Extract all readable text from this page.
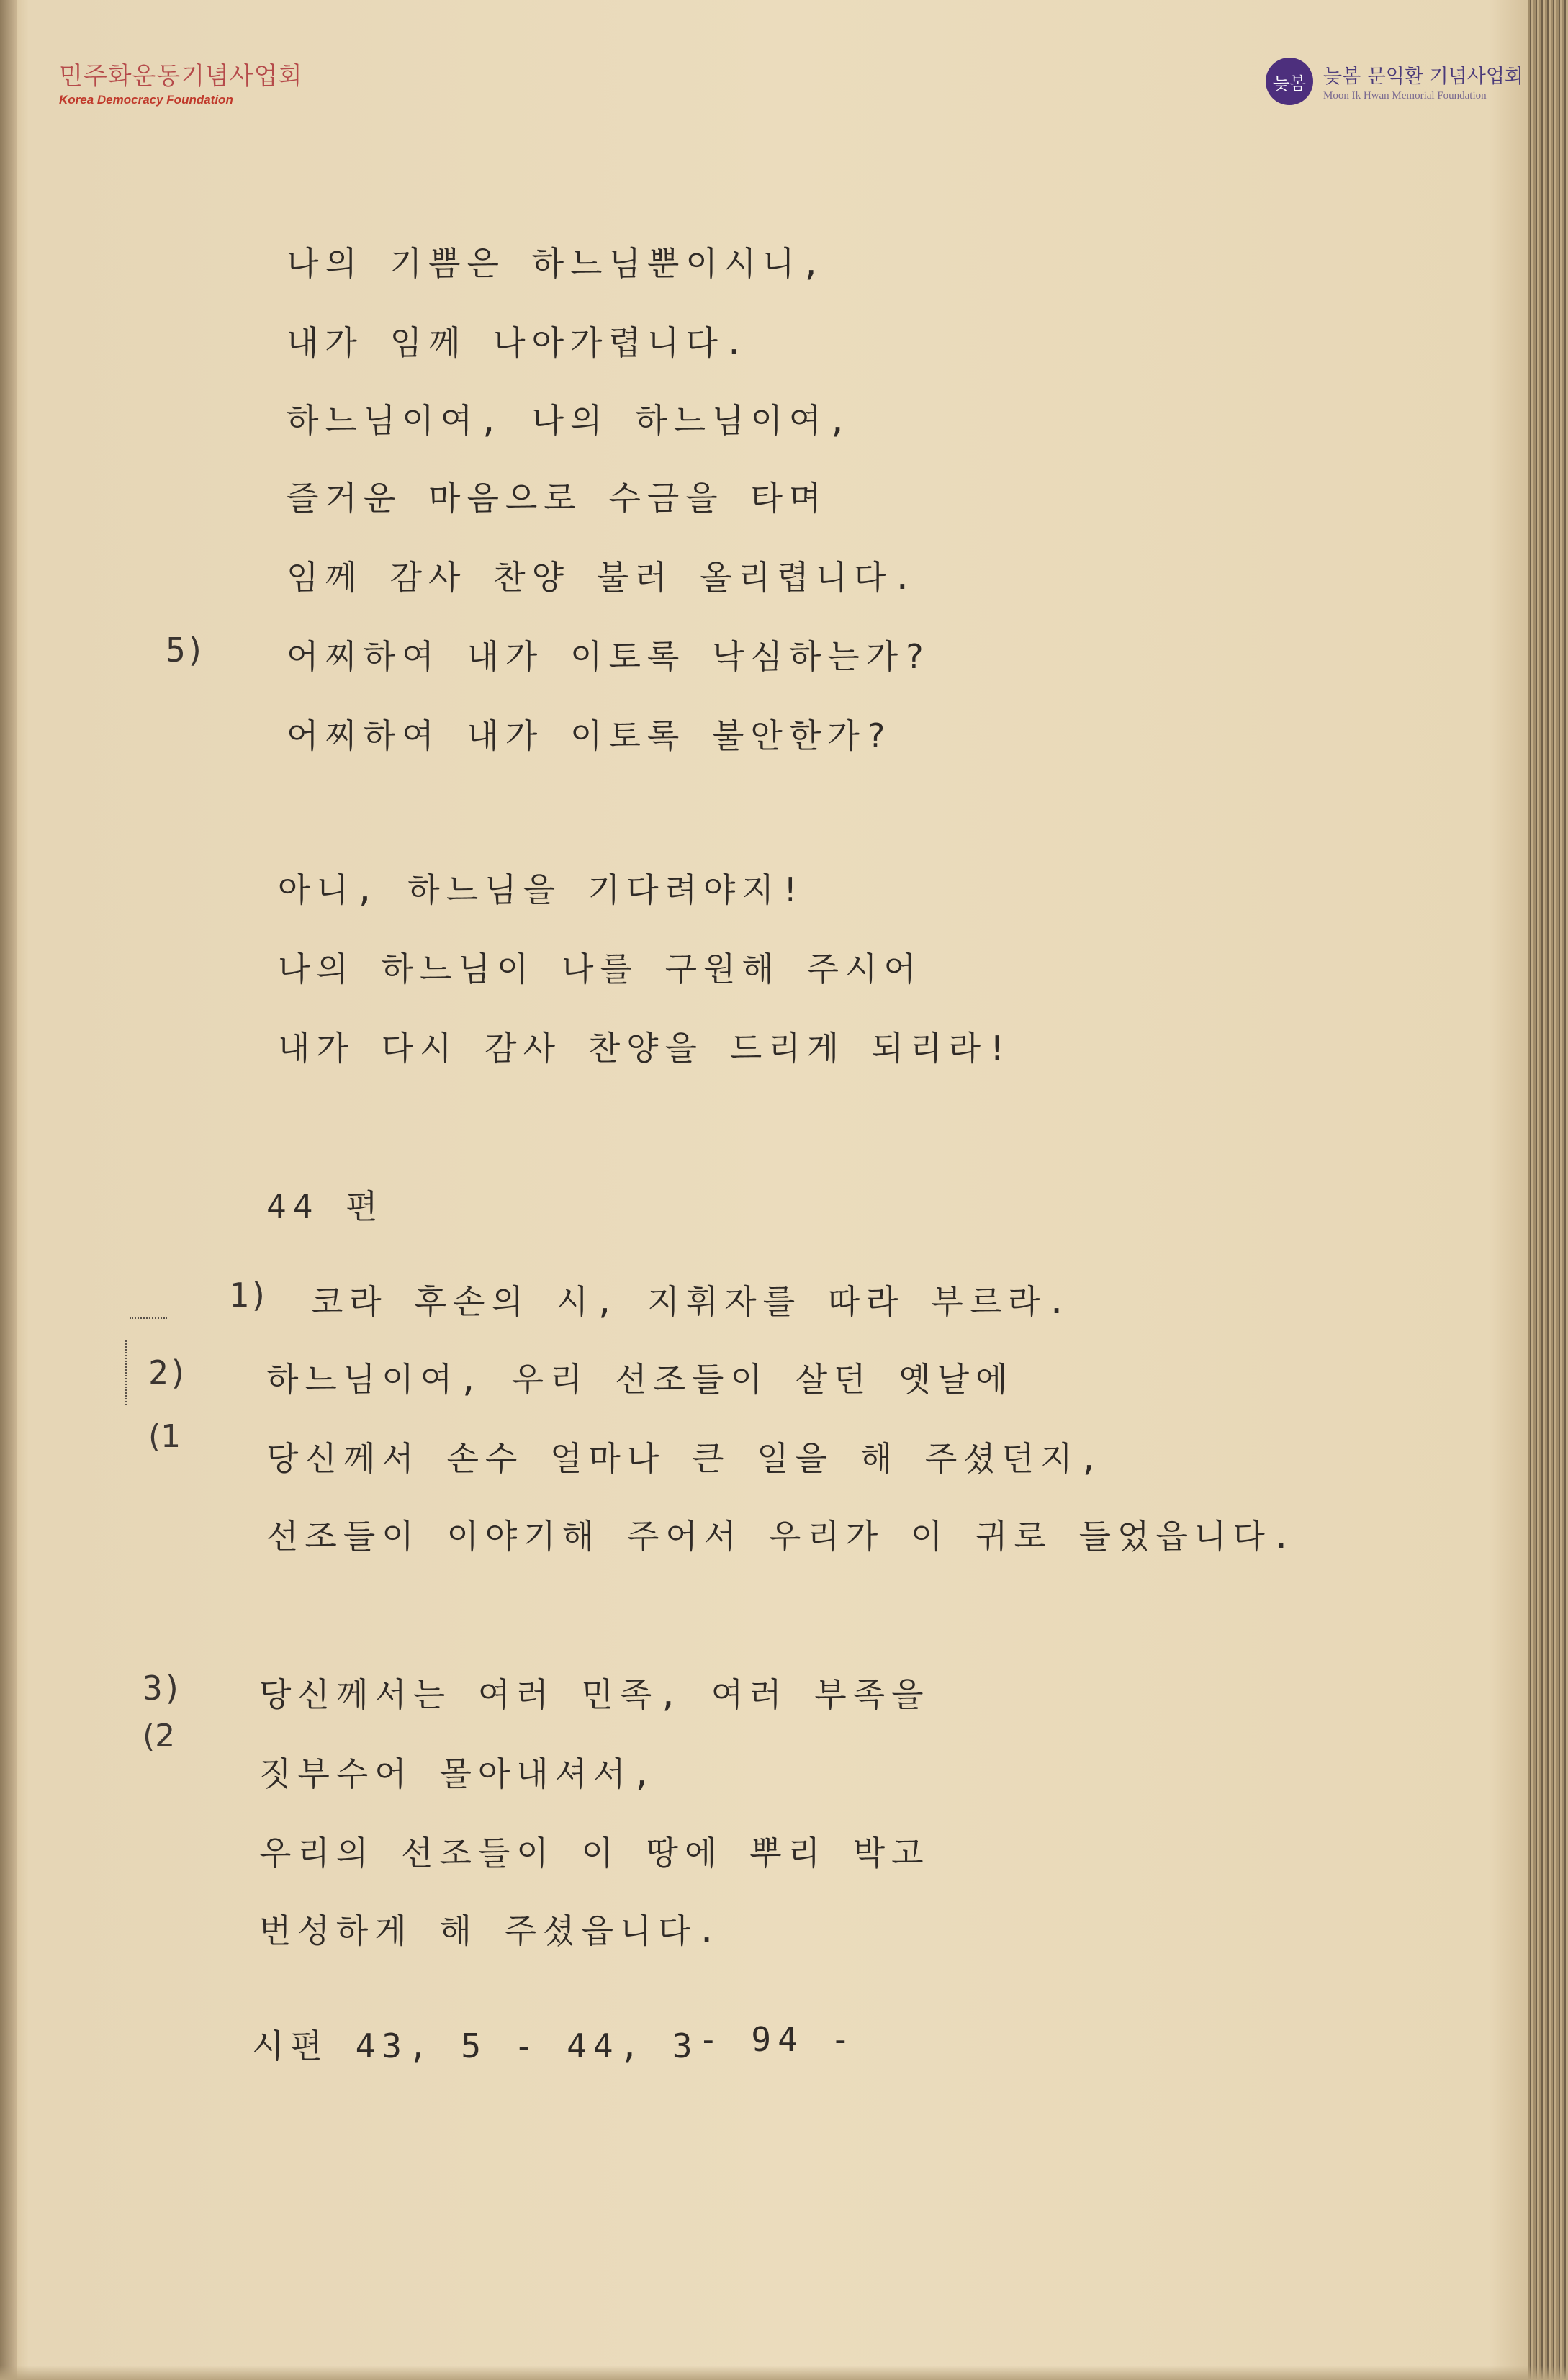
민주화운동기념사업회
Korea Democracy Foundation
늦봄 늦봄 문익환 기념사업회
Moon Ik Hwan Memorial Foundation
나의 기쁨은 하느님뿐이시니,
내가 임께 나아가렵니다.
하느님이여, 나의 하느님이여,
즐거운 마음으로 수금을 타며
임께 감사 찬양 불러 올리렵니다.
5) 어찌하여 내가 이토록 낙심하는가?
어찌하여 내가 이토록 불안한가?
아니, 하느님을 기다려야지!
나의 하느님이 나를 구원해 주시어
내가 다시 감사 찬양을 드리게 되리라!
44 편
1) 코라 후손의 시, 지휘자를 따라 부르라.
2)
(1
하느님이여, 우리 선조들이 살던 옛날에
당신께서 손수 얼마나 큰 일을 해 주셨던지,
선조들이 이야기해 주어서 우리가 이 귀로 들었읍니다.
3)
(2
당신께서는 여러 민족, 여러 부족을
짓부수어 몰아내셔서,
우리의 선조들이 이 땅에 뿌리 박고
번성하게 해 주셨읍니다.
시편 43, 5 - 44, 3 - 94 -
